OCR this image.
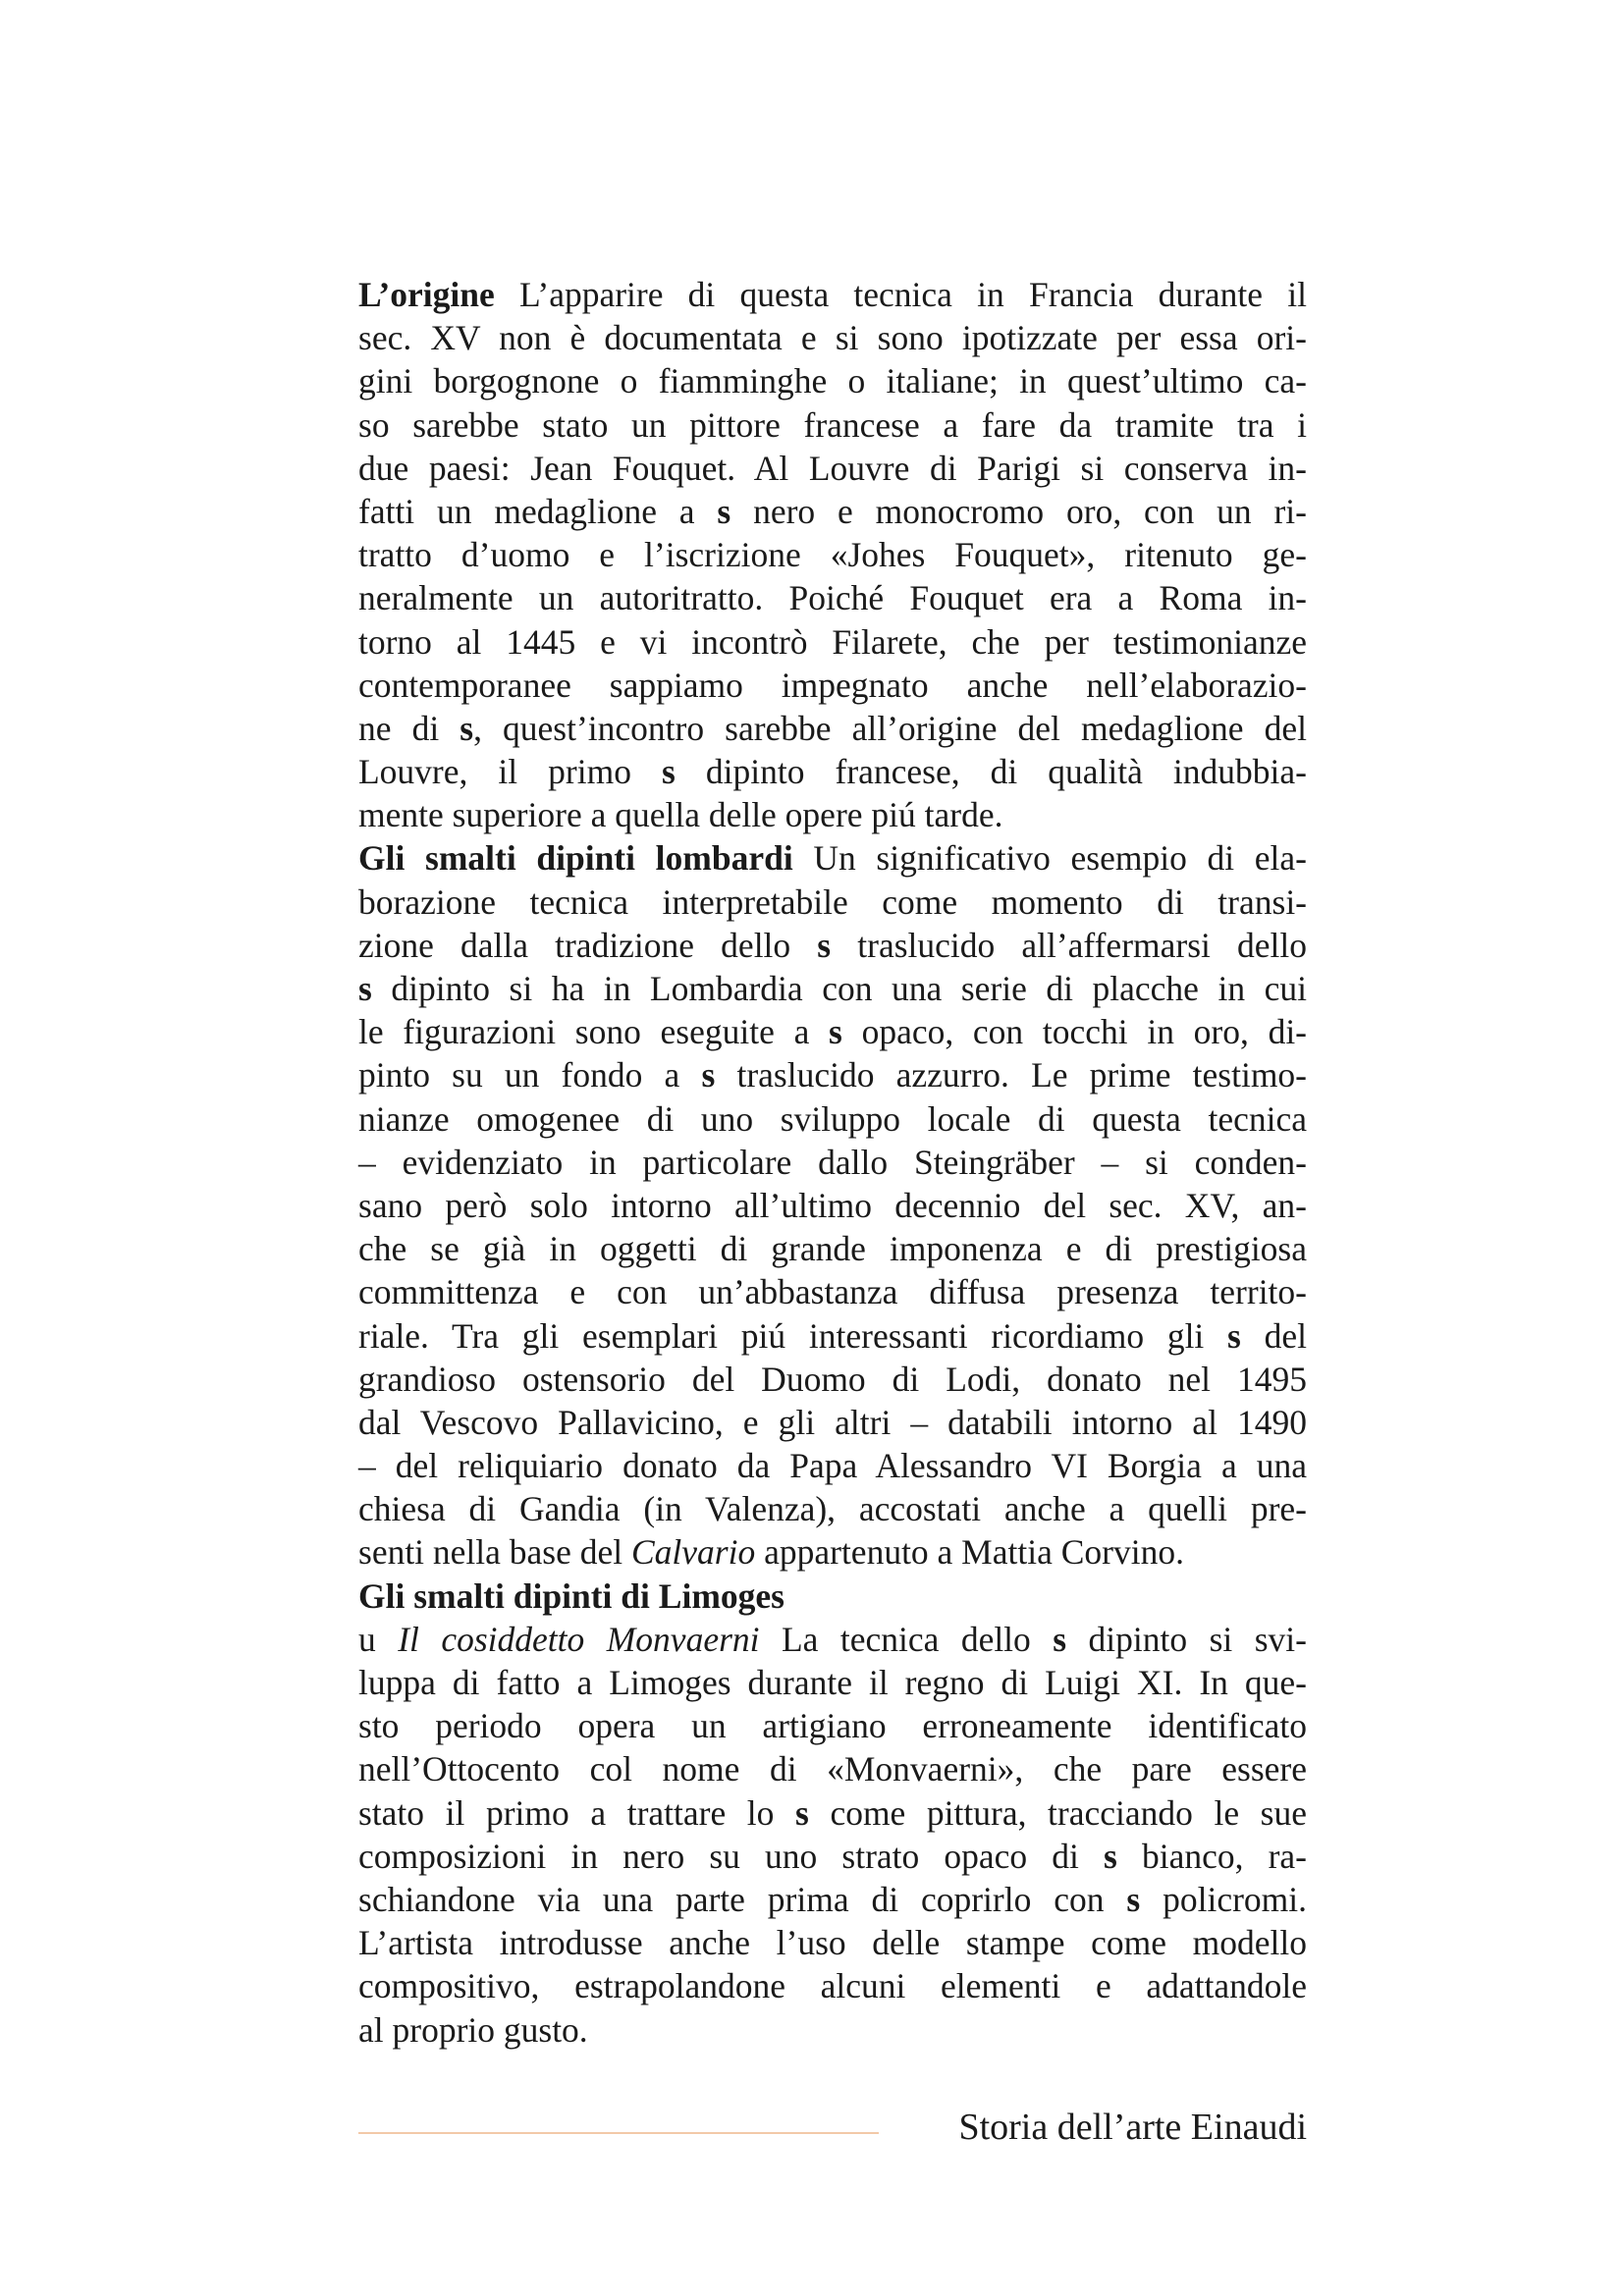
L’origine L’apparire di questa tecnica in Francia durante il
sec. XV non è documentata e si sono ipotizzate per essa ori-
gini borgognone o fiamminghe o italiane; in quest’ultimo ca-
so sarebbe stato un pittore francese a fare da tramite tra i
due paesi: Jean Fouquet. Al Louvre di Parigi si conserva in-
fatti un medaglione a s nero e monocromo oro, con un ri-
tratto d’uomo e l’iscrizione «Johes Fouquet», ritenuto ge-
neralmente un autoritratto. Poiché Fouquet era a Roma in-
torno al 1445 e vi incontrò Filarete, che per testimonianze
contemporanee sappiamo impegnato anche nell’elaborazio-
ne di s, quest’incontro sarebbe all’origine del medaglione del
Louvre, il primo s dipinto francese, di qualità indubbia-
mente superiore a quella delle opere piú tarde.
Gli smalti dipinti lombardi Un significativo esempio di ela-
borazione tecnica interpretabile come momento di transi-
zione dalla tradizione dello s traslucido all’affermarsi dello
s dipinto si ha in Lombardia con una serie di placche in cui
le figurazioni sono eseguite a s opaco, con tocchi in oro, di-
pinto su un fondo a s traslucido azzurro. Le prime testimo-
nianze omogenee di uno sviluppo locale di questa tecnica
– evidenziato in particolare dallo Steingräber – si conden-
sano però solo intorno all’ultimo decennio del sec. XV, an-
che se già in oggetti di grande imponenza e di prestigiosa
committenza e con un’abbastanza diffusa presenza territo-
riale. Tra gli esemplari piú interessanti ricordiamo gli s del
grandioso ostensorio del Duomo di Lodi, donato nel 1495
dal Vescovo Pallavicino, e gli altri – databili intorno al 1490
– del reliquiario donato da Papa Alessandro VI Borgia a una
chiesa di Gandia (in Valenza), accostati anche a quelli pre-
senti nella base del Calvario appartenuto a Mattia Corvino.
Gli smalti dipinti di Limoges
u Il cosiddetto Monvaerni La tecnica dello s dipinto si svi-
luppa di fatto a Limoges durante il regno di Luigi XI. In que-
sto periodo opera un artigiano erroneamente identificato
nell’Ottocento col nome di «Monvaerni», che pare essere
stato il primo a trattare lo s come pittura, tracciando le sue
composizioni in nero su uno strato opaco di s bianco, ra-
schiandone via una parte prima di coprirlo con s policromi.
L’artista introdusse anche l’uso delle stampe come modello
compositivo, estrapolandone alcuni elementi e adattandole
al proprio gusto.
Storia dell’arte Einaudi
